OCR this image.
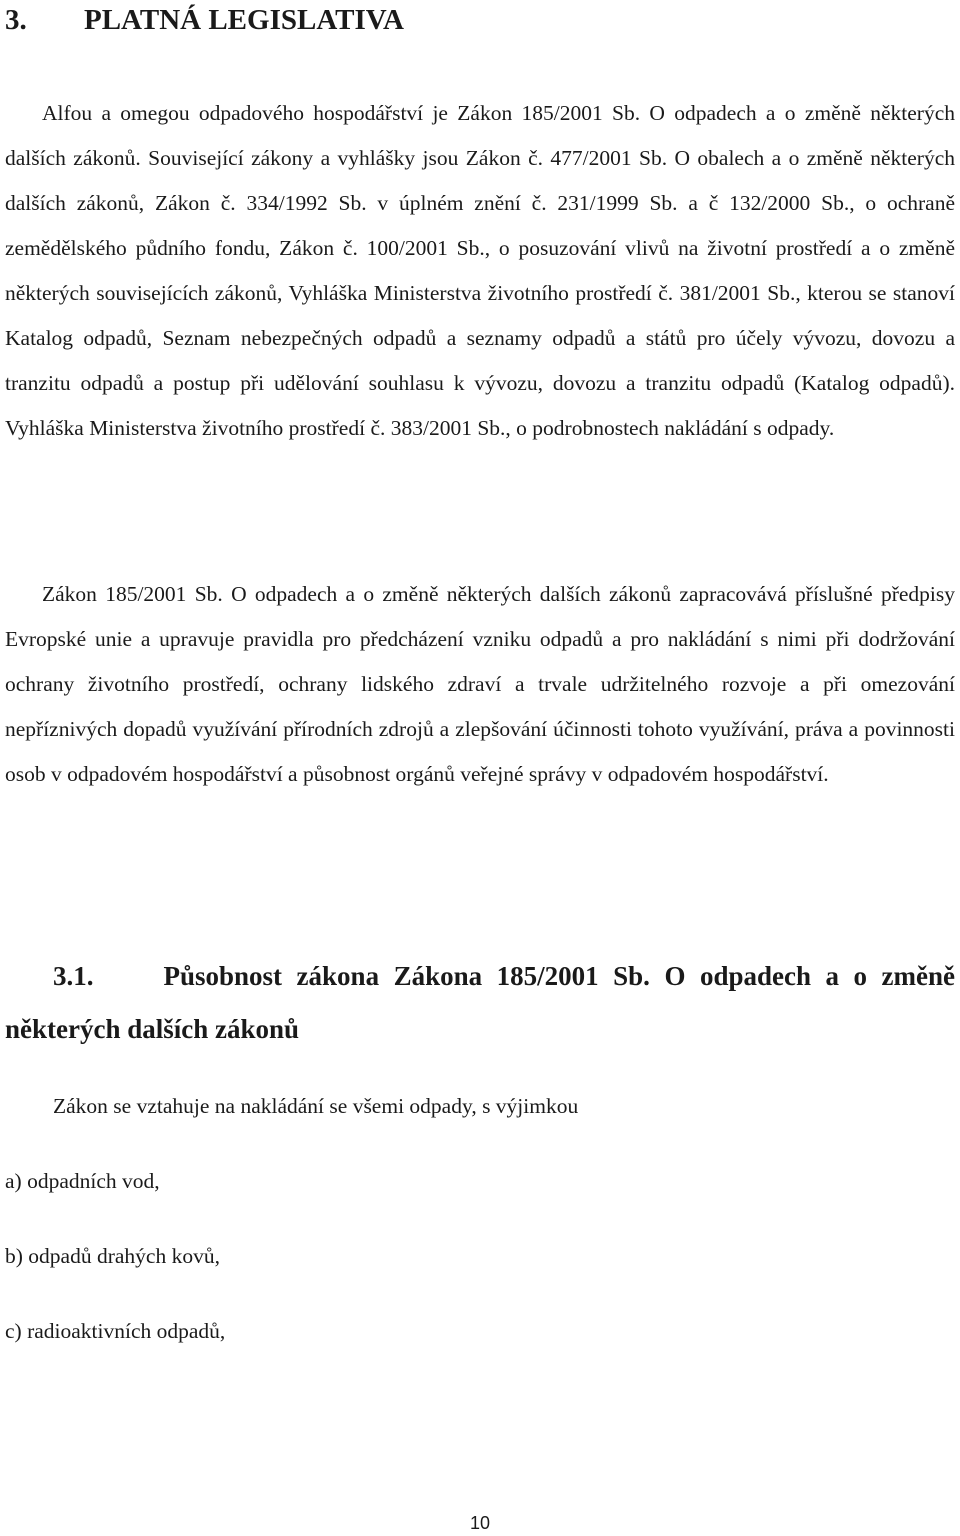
3. PLATNÁ LEGISLATIVA

Alfou a omegou odpadového hospodářství je Zákon 185/2001 Sb. O odpadech a o změně některých dalších zákonů. Související zákony a vyhlášky jsou Zákon č. 477/2001 Sb. O obalech a o změně některých dalších zákonů, Zákon č. 334/1992 Sb. v úplném znění č. 231/1999 Sb. a č 132/2000 Sb., o ochraně zemědělského půdního fondu, Zákon č. 100/2001 Sb., o posuzování vlivů na životní prostředí a o změně některých souvisejících zákonů, Vyhláška Ministerstva životního prostředí č. 381/2001 Sb., kterou se stanoví Katalog odpadů, Seznam nebezpečných odpadů a seznamy odpadů a států pro účely vývozu, dovozu a tranzitu odpadů a postup při udělování souhlasu k vývozu, dovozu a tranzitu odpadů (Katalog odpadů). Vyhláška Ministerstva životního prostředí č. 383/2001 Sb., o podrobnostech nakládání s odpady.

Zákon 185/2001 Sb. O odpadech a o změně některých dalších zákonů zapracovává příslušné předpisy Evropské unie a upravuje pravidla pro předcházení vzniku odpadů a pro nakládání s nimi při dodržování ochrany životního prostředí, ochrany lidského zdraví a trvale udržitelného rozvoje a při omezování nepříznivých dopadů využívání přírodních zdrojů a zlepšování účinnosti tohoto využívání, práva a povinnosti osob v odpadovém hospodářství a působnost orgánů veřejné správy v odpadovém hospodářství.

3.1.	Působnost zákona Zákona 185/2001 Sb. O odpadech a o změně některých dalších zákonů

Zákon se vztahuje na nakládání se všemi odpady, s výjimkou
a) odpadních vod,
b) odpadů drahých kovů,
c) radioaktivních odpadů,
10
